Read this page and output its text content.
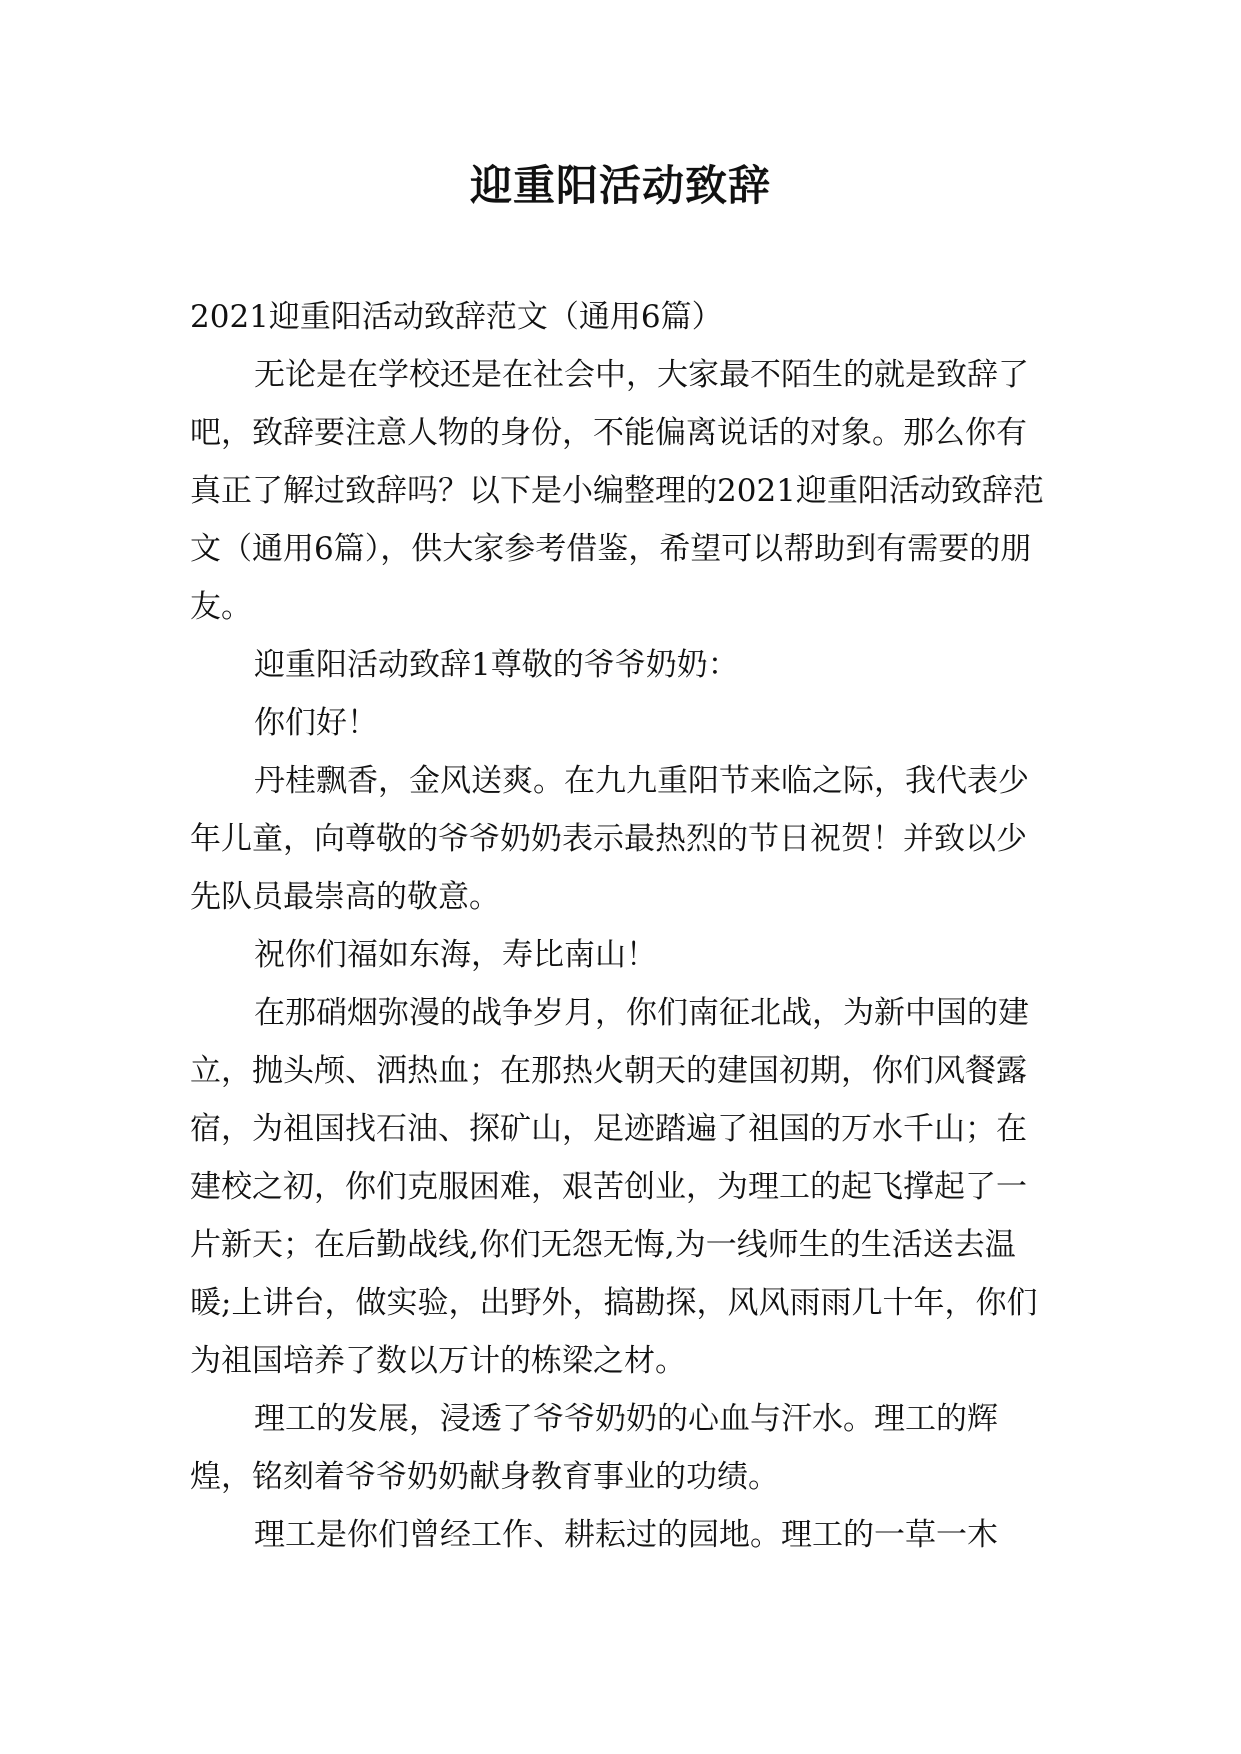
迎重阳活动致辞

2021迎重阳活动致辞范文（通用6篇）

无论是在学校还是在社会中，大家最不陌生的就是致辞了吧，致辞要注意人物的身份，不能偏离说话的对象。那么你有真正了解过致辞吗？以下是小编整理的2021迎重阳活动致辞范文（通用6篇），供大家参考借鉴，希望可以帮助到有需要的朋友。

迎重阳活动致辞1尊敬的爷爷奶奶：

你们好！

丹桂飘香，金风送爽。在九九重阳节来临之际，我代表少年儿童，向尊敬的爷爷奶奶表示最热烈的节日祝贺！并致以少先队员最崇高的敬意。

祝你们福如东海，寿比南山！

在那硝烟弥漫的战争岁月，你们南征北战，为新中国的建立，抛头颅、洒热血；在那热火朝天的建国初期，你们风餐露宿，为祖国找石油、探矿山，足迹踏遍了祖国的万水千山；在建校之初，你们克服困难，艰苦创业，为理工的起飞撑起了一片新天；在后勤战线,你们无怨无悔,为一线师生的生活送去温暖;上讲台，做实验，出野外，搞勘探，风风雨雨几十年，你们为祖国培养了数以万计的栋梁之材。

理工的发展，浸透了爷爷奶奶的心血与汗水。理工的辉煌，铭刻着爷爷奶奶献身教育事业的功绩。

理工是你们曾经工作、耕耘过的园地。理工的一草一木
